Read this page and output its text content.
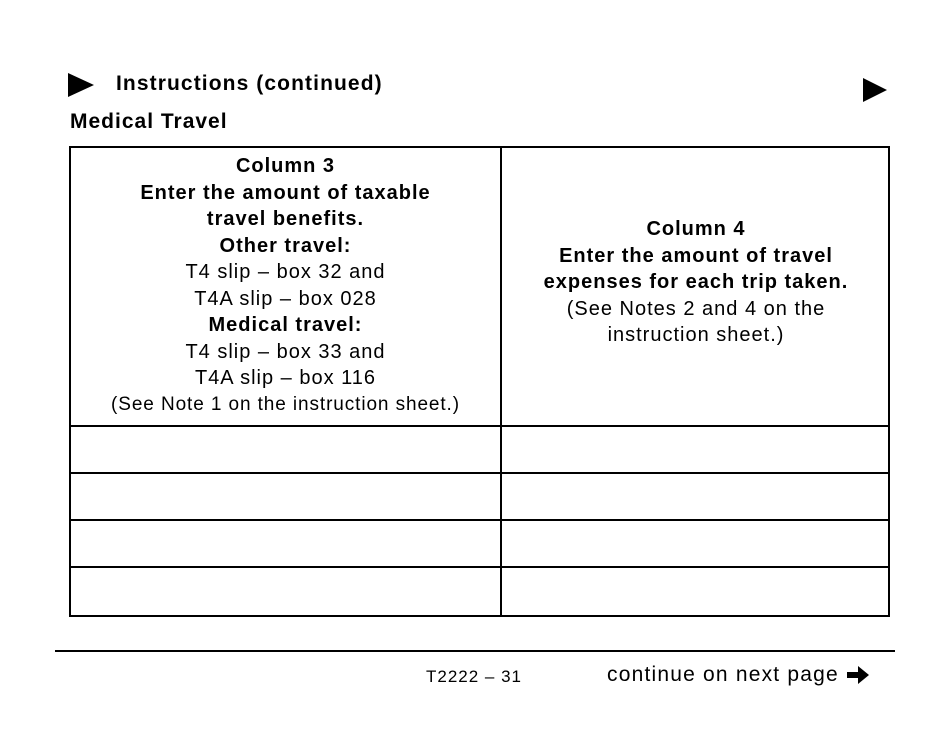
Instructions (continued)
Medical Travel
Column 3
Enter the amount of taxable
travel benefits.
Other travel:
T4 slip – box 32 and
T4A slip – box 028
Medical travel:
T4 slip – box 33 and
T4A slip – box 116
(See Note 1 on the instruction sheet.)
Column 4
Enter the amount of travel
expenses for each trip taken.
(See Notes 2 and 4 on the
instruction sheet.)
T2222 – 31	continue on next page
